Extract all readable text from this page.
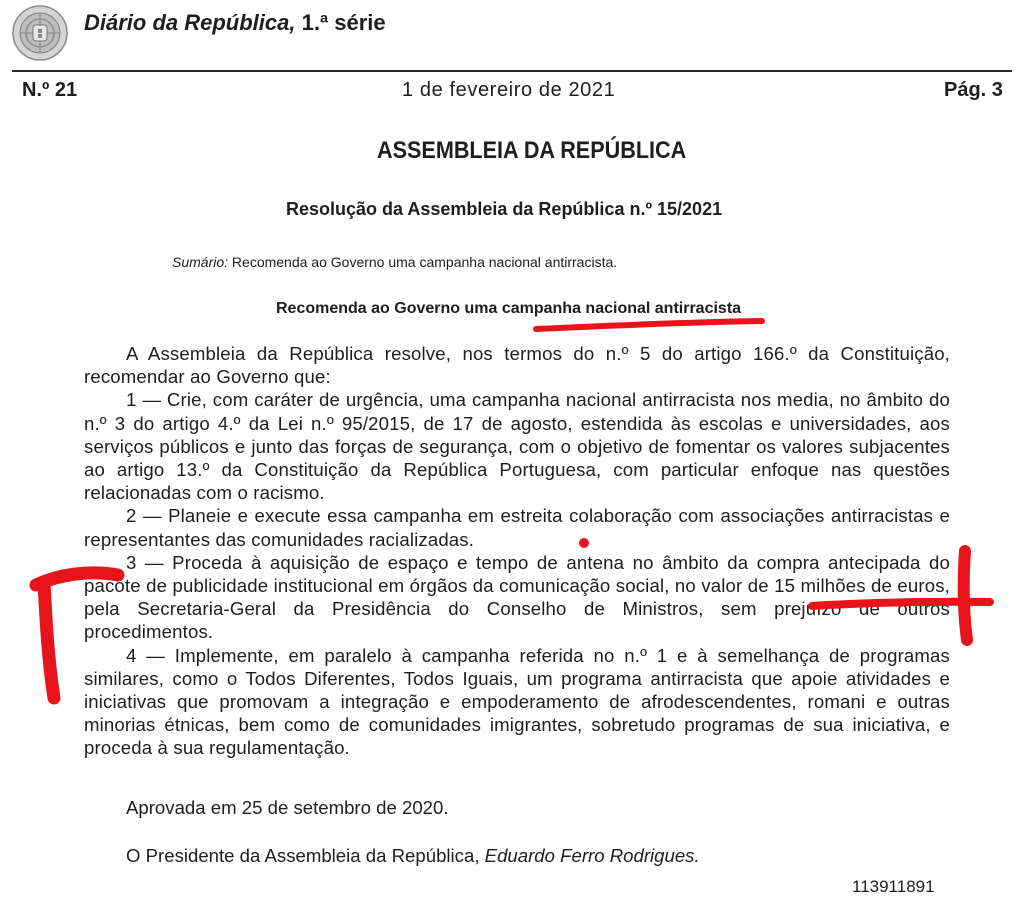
Diário da República, 1.ª série
N.º 21	1 de fevereiro de 2021	Pág. 3
ASSEMBLEIA DA REPÚBLICA
Resolução da Assembleia da República n.º 15/2021
Sumário: Recomenda ao Governo uma campanha nacional antirracista.
Recomenda ao Governo uma campanha nacional antirracista

A Assembleia da República resolve, nos termos do n.º 5 do artigo 166.º da Constituição, recomendar ao Governo que:

1 — Crie, com caráter de urgência, uma campanha nacional antirracista nos media, no âmbito do n.º 3 do artigo 4.º da Lei n.º 95/2015, de 17 de agosto, estendida às escolas e universidades, aos serviços públicos e junto das forças de segurança, com o objetivo de fomentar os valores subjacentes ao artigo 13.º da Constituição da República Portuguesa, com particular enfoque nas questões relacionadas com o racismo.

2 — Planeie e execute essa campanha em estreita colaboração com associações antirracistas e representantes das comunidades racializadas.

3 — Proceda à aquisição de espaço e tempo de antena no âmbito da compra antecipada do pacote de publicidade institucional em órgãos da comunicação social, no valor de 15 milhões de euros, pela Secretaria-Geral da Presidência do Conselho de Ministros, sem prejuízo de outros procedimentos.

4 — Implemente, em paralelo à campanha referida no n.º 1 e à semelhança de programas similares, como o Todos Diferentes, Todos Iguais, um programa antirracista que apoie atividades e iniciativas que promovam a integração e empoderamento de afrodescendentes, romani e outras minorias étnicas, bem como de comunidades imigrantes, sobretudo programas de sua iniciativa, e proceda à sua regulamentação.

Aprovada em 25 de setembro de 2020.
O Presidente da Assembleia da República, Eduardo Ferro Rodrigues.
113911891
